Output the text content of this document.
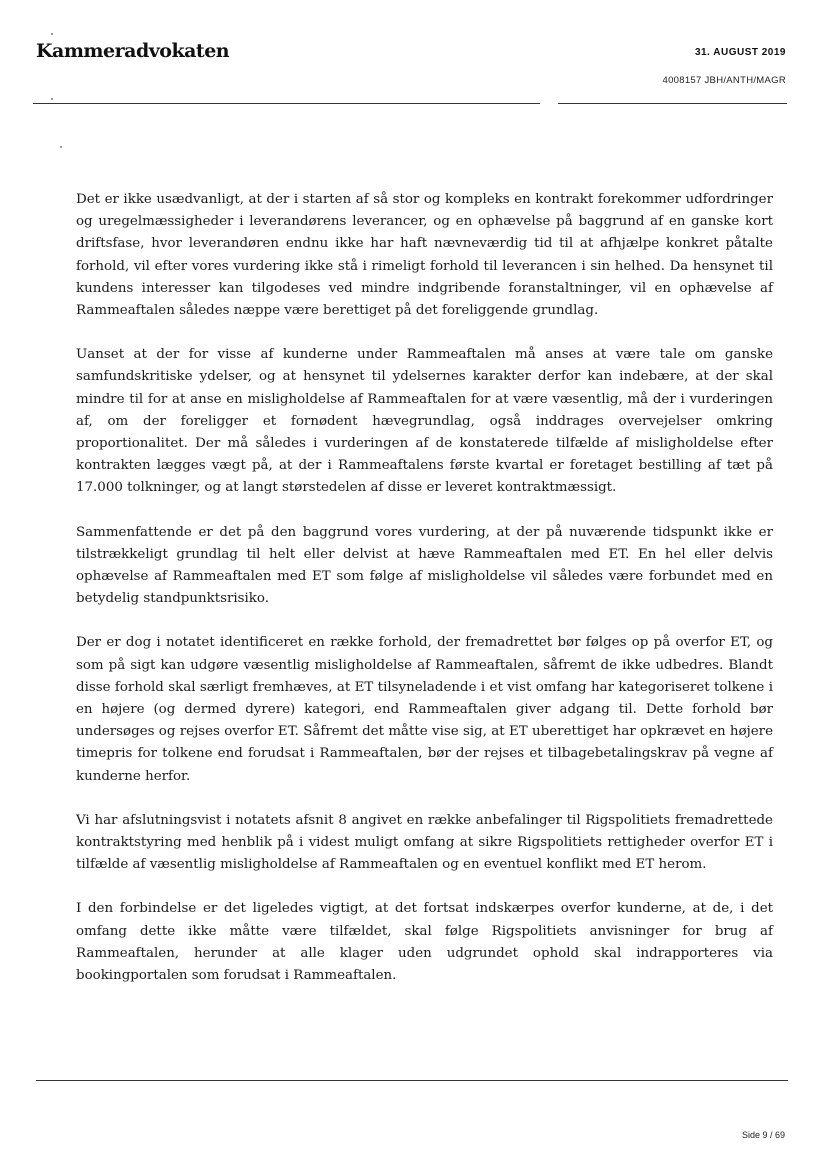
Kammeradvokaten	31. AUGUST 2019
4008157 JBH/ANTH/MAGR

Det er ikke usædvanligt, at der i starten af så stor og kompleks en kontrakt forekommer udfordringer og uregelmæssigheder i leverandørens leverancer, og en ophævelse på baggrund af en ganske kort driftsfase, hvor leverandøren endnu ikke har haft nævneværdig tid til at afhjælpe konkret påtalte forhold, vil efter vores vurdering ikke stå i rimeligt forhold til leverancen i sin helhed. Da hensynet til kundens interesser kan tilgodeses ved mindre indgribende foranstaltninger, vil en ophævelse af Rammeaftalen således næppe være berettiget på det foreliggende grundlag.

Uanset at der for visse af kunderne under Rammeaftalen må anses at være tale om ganske samfundskritiske ydelser, og at hensynet til ydelsernes karakter derfor kan indebære, at der skal mindre til for at anse en misligholdelse af Rammeaftalen for at være væsentlig, må der i vurderingen af, om der foreligger et fornødent hævegrundlag, også inddrages overvejelser omkring proportionalitet. Der må således i vurderingen af de konstaterede tilfælde af misligholdelse efter kontrakten lægges vægt på, at der i Rammeaftalens første kvartal er foretaget bestilling af tæt på 17.000 tolkninger, og at langt størstedelen af disse er leveret kontraktmæssigt.

Sammenfattende er det på den baggrund vores vurdering, at der på nuværende tidspunkt ikke er tilstrækkeligt grundlag til helt eller delvist at hæve Rammeaftalen med ET. En hel eller delvis ophævelse af Rammeaftalen med ET som følge af misligholdelse vil således være forbundet med en betydelig standpunktsrisiko.

Der er dog i notatet identificeret en række forhold, der fremadrettet bør følges op på overfor ET, og som på sigt kan udgøre væsentlig misligholdelse af Rammeaftalen, såfremt de ikke udbedres. Blandt disse forhold skal særligt fremhæves, at ET tilsyneladende i et vist omfang har kategoriseret tolkene i en højere (og dermed dyrere) kategori, end Rammeaftalen giver adgang til. Dette forhold bør undersøges og rejses overfor ET. Såfremt det måtte vise sig, at ET uberettiget har opkrævet en højere timepris for tolkene end forudsat i Rammeaftalen, bør der rejses et tilbagebetalingskrav på vegne af kunderne herfor.

Vi har afslutningsvist i notatets afsnit 8 angivet en række anbefalinger til Rigspolitiets fremadrettede kontraktstyring med henblik på i videst muligt omfang at sikre Rigspolitiets rettigheder overfor ET i tilfælde af væsentlig misligholdelse af Rammeaftalen og en eventuel konflikt med ET herom.

I den forbindelse er det ligeledes vigtigt, at det fortsat indskærpes overfor kunderne, at de, i det omfang dette ikke måtte være tilfældet, skal følge Rigspolitiets anvisninger for brug af Rammeaftalen, herunder at alle klager uden udgrundet ophold skal indrapporteres via bookingportalen som forudsat i Rammeaftalen.

Side 9 / 69
